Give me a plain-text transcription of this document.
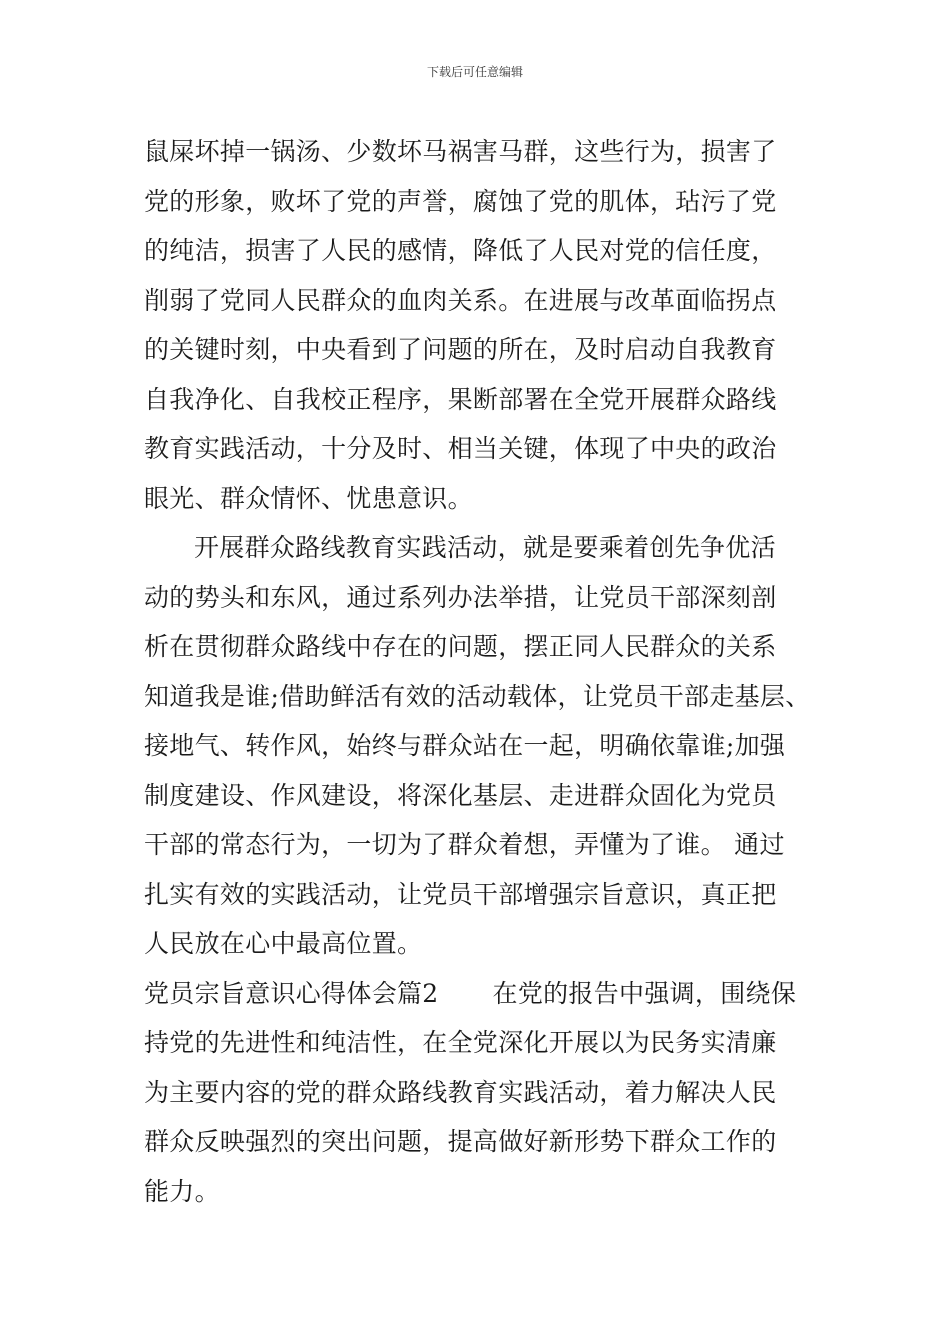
下载后可任意编辑
鼠屎坏掉一锅汤、少数坏马祸害马群，这些行为，损害了
党的形象，败坏了党的声誉，腐蚀了党的肌体，玷污了党
的纯洁，损害了人民的感情，降低了人民对党的信任度，
削弱了党同人民群众的血肉关系。在进展与改革面临拐点
的关键时刻，中央看到了问题的所在，及时启动自我教育
自我净化、自我校正程序，果断部署在全党开展群众路线
教育实践活动，十分及时、相当关键，体现了中央的政治
眼光、群众情怀、忧患意识。
开展群众路线教育实践活动，就是要乘着创先争优活
动的势头和东风，通过系列办法举措，让党员干部深刻剖
析在贯彻群众路线中存在的问题，摆正同人民群众的关系
知道我是谁;借助鲜活有效的活动载体，让党员干部走基层、
接地气、转作风，始终与群众站在一起，明确依靠谁;加强
制度建设、作风建设，将深化基层、走进群众固化为党员
干部的常态行为，一切为了群众着想，弄懂为了谁。 通过
扎实有效的实践活动，让党员干部增强宗旨意识，真正把
人民放在心中最高位置。
党员宗旨意识心得体会篇2 在党的报告中强调，围绕保
持党的先进性和纯洁性，在全党深化开展以为民务实清廉
为主要内容的党的群众路线教育实践活动，着力解决人民
群众反映强烈的突出问题，提高做好新形势下群众工作的
能力。
